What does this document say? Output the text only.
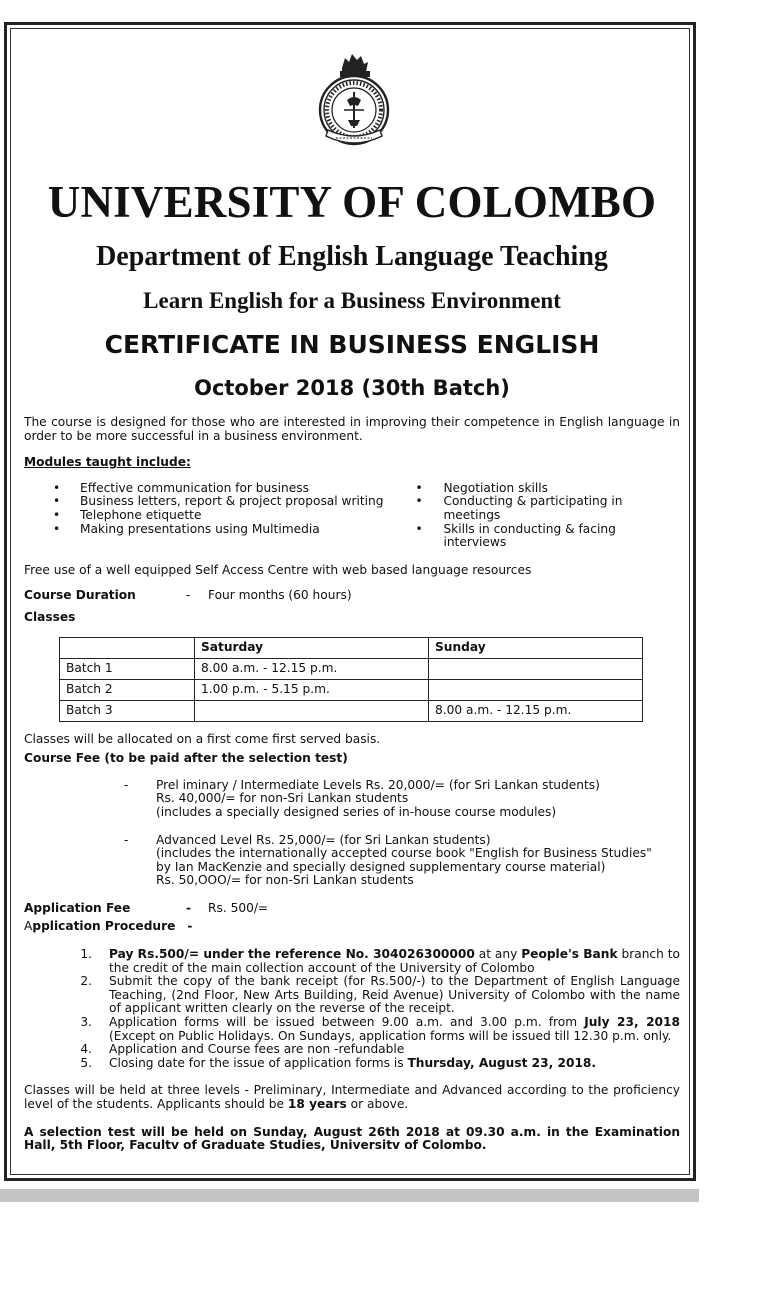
UNIVERSITY OF COLOMBO
Department of English Language Teaching
Learn English for a Business Environment
CERTIFICATE IN BUSINESS ENGLISH
October 2018 (30th Batch)

The course is designed for those who are interested in improving their competence in English language in order to be more successful in a business environment.

Modules taught include:

• Effective communication for business
• Business letters, report & project proposal writing
• Telephone etiquette
• Making presentations using Multimedia
• Negotiation skills
• Conducting & participating in meetings
• Skills in conducting & facing interviews

Free use of a well equipped Self Access Centre with web based language resources

Course Duration	-	Four months (60 hours)

Classes

	Saturday	Sunday
Batch 1	8.00 a.m. - 12.15 p.m.	
Batch 2	1.00 p.m. - 5.15 p.m.	
Batch 3		8.00 a.m. - 12.15 p.m.

Classes will be allocated on a first come first served basis.

Course Fee (to be paid after the selection test)

-	Prel iminary / Intermediate Levels Rs. 20,000/= (for Sri Lankan students)
Rs. 40,000/= for non-Sri Lankan students
(includes a specially designed series of in-house course modules)
-	Advanced Level Rs. 25,000/= (for Sri Lankan students)
(includes the internationally accepted course book "English for Business Studies"
by Ian MacKenzie and specially designed supplementary course material)
Rs. 50,OOO/= for non-Sri Lankan students
Application Fee	-	Rs. 500/=

Application Procedure -

1.	Pay Rs.500/= under the reference No. 304026300000 at any People's Bank branch to the credit of the main collection account of the University of Colombo
2.	Submit the copy of the bank receipt (for Rs.500/-) to the Department of English Language Teaching, (2nd Floor, New Arts Building, Reid Avenue) University of Colombo with the name of applicant written clearly on the reverse of the receipt.
3.	Application forms will be issued between 9.00 a.m. and 3.00 p.m. from July 23, 2018 (Except on Public Holidays. On Sundays, application forms will be issued till 12.30 p.m. only.
4.	Application and Course fees are non -refundable
5.	Closing date for the issue of application forms is Thursday, August 23, 2018.

Classes will be held at three levels - Preliminary, Intermediate and Advanced according to the proficiency level of the students. Applicants should be 18 years or above.

A selection test will be held on Sunday, August 26th 2018 at 09.30 a.m. in the Examination Hall, 5th Floor, Facultv of Graduate Studies, Universitv of Colombo.
